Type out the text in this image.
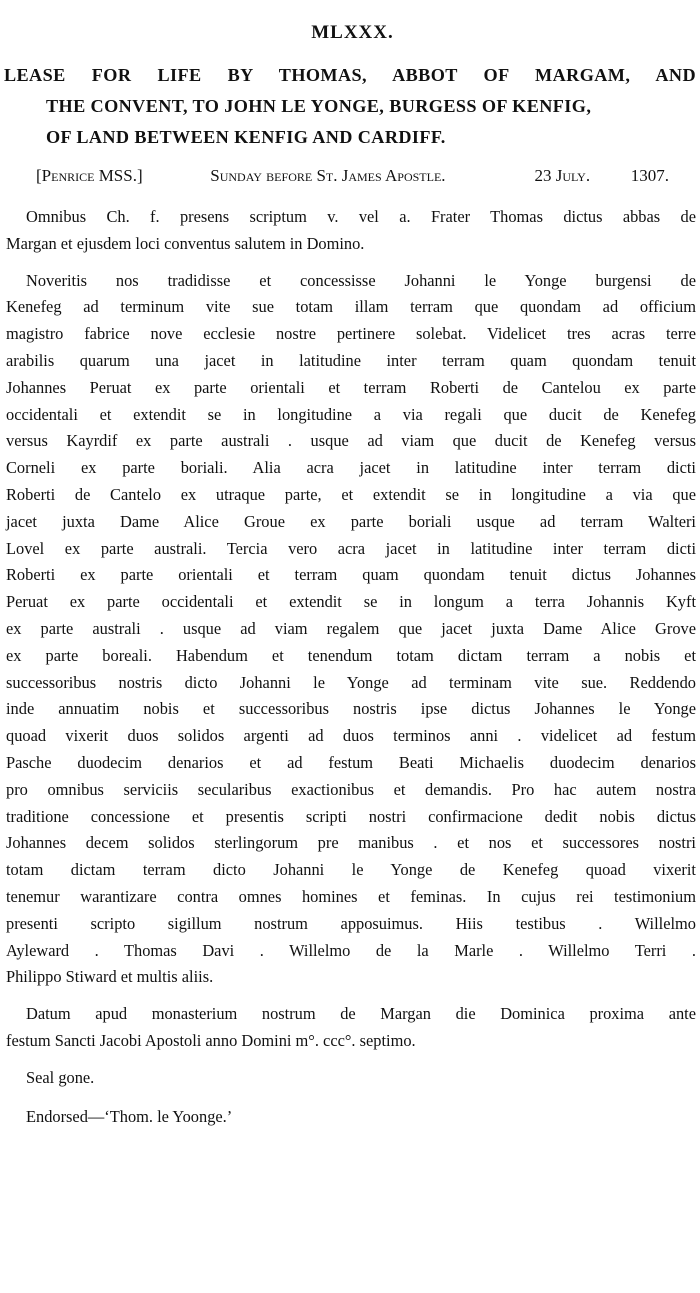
MLXXX.
LEASE FOR LIFE BY THOMAS, ABBOT OF MARGAM, AND
THE CONVENT, TO JOHN LE YONGE, BURGESS OF KENFIG,
OF LAND BETWEEN KENFIG AND CARDIFF.
[Penrice MSS.]	Sunday before St. James Apostle.	23 July. 1307.

Omnibus Ch. f. presens scriptum v. vel a. Frater Thomas dictus abbas de
Margan et ejusdem loci conventus salutem in Domino.

Noveritis nos tradidisse et concessisse Johanni le Yonge burgensi de
Kenefeg ad terminum vite sue totam illam terram que quondam ad officium
magistro fabrice nove ecclesie nostre pertinere solebat. Videlicet tres acras terre
arabilis quarum una jacet in latitudine inter terram quam quondam tenuit
Johannes Peruat ex parte orientali et terram Roberti de Cantelou ex parte
occidentali et extendit se in longitudine a via regali que ducit de Kenefeg
versus Kayrdif ex parte australi . usque ad viam que ducit de Kenefeg versus
Corneli ex parte boriali. Alia acra jacet in latitudine inter terram dicti
Roberti de Cantelo ex utraque parte, et extendit se in longitudine a via que
jacet juxta Dame Alice Groue ex parte boriali usque ad terram Walteri
Lovel ex parte australi. Tercia vero acra jacet in latitudine inter terram dicti
Roberti ex parte orientali et terram quam quondam tenuit dictus Johannes
Peruat ex parte occidentali et extendit se in longum a terra Johannis Kyft
ex parte australi . usque ad viam regalem que jacet juxta Dame Alice Grove
ex parte boreali. Habendum et tenendum totam dictam terram a nobis et
successoribus nostris dicto Johanni le Yonge ad terminam vite sue. Reddendo
inde annuatim nobis et successoribus nostris ipse dictus Johannes le Yonge
quoad vixerit duos solidos argenti ad duos terminos anni . videlicet ad festum
Pasche duodecim denarios et ad festum Beati Michaelis duodecim denarios
pro omnibus serviciis secularibus exactionibus et demandis. Pro hac autem nostra
traditione concessione et presentis scripti nostri confirmacione dedit nobis dictus
Johannes decem solidos sterlingorum pre manibus . et nos et successores nostri
totam dictam terram dicto Johanni le Yonge de Kenefeg quoad vixerit
tenemur warantizare contra omnes homines et feminas. In cujus rei testimonium
presenti scripto sigillum nostrum apposuimus. Hiis testibus . Willelmo
Ayleward . Thomas Davi . Willelmo de la Marle . Willelmo Terri .
Philippo Stiward et multis aliis.

Datum apud monasterium nostrum de Margan die Dominica proxima ante
festum Sancti Jacobi Apostoli anno Domini m°. ccc°. septimo.

Seal gone.
Endorsed—‘Thom. le Yoonge.’
